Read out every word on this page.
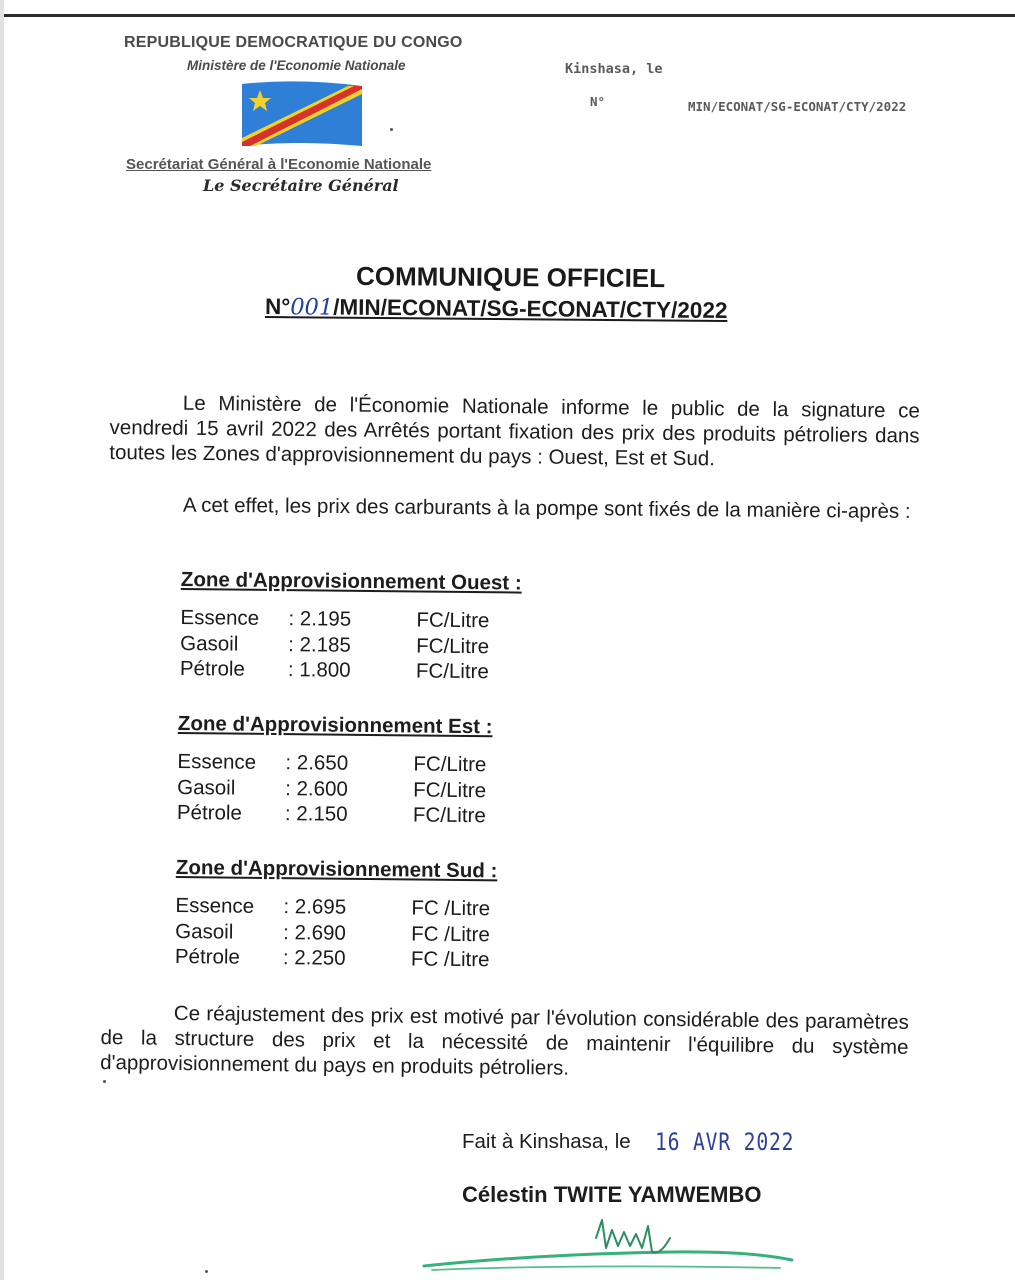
REPUBLIQUE DEMOCRATIQUE DU CONGO
Ministère de l'Economie Nationale
Secrétariat Général à l'Economie Nationale
Le Secrétaire Général
Kinshasa, le
N°	MIN/ECONAT/SG-ECONAT/CTY/2022
COMMUNIQUE OFFICIEL
N°001/MIN/ECONAT/SG-ECONAT/CTY/2022
Le Ministère de l'Économie Nationale informe le public de la signature ce vendredi 15 avril 2022 des Arrêtés portant fixation des prix des produits pétroliers dans toutes les Zones d'approvisionnement du pays : Ouest, Est et Sud.
A cet effet, les prix des carburants à la pompe sont fixés de la manière ci-après :
Zone d'Approvisionnement Ouest :
Essence : 2.195	FC/Litre
Gasoil : 2.185	FC/Litre
Pétrole : 1.800	FC/Litre
Zone d'Approvisionnement Est :
Essence : 2.650	FC/Litre
Gasoil : 2.600	FC/Litre
Pétrole : 2.150	FC/Litre
Zone d'Approvisionnement Sud :
Essence : 2.695	FC /Litre
Gasoil : 2.690	FC /Litre
Pétrole : 2.250	FC /Litre
Ce réajustement des prix est motivé par l'évolution considérable des paramètres de la structure des prix et la nécessité de maintenir l'équilibre du système d'approvisionnement du pays en produits pétroliers.
Fait à Kinshasa, le 16 AVR 2022
Célestin TWITE YAMWEMBO
